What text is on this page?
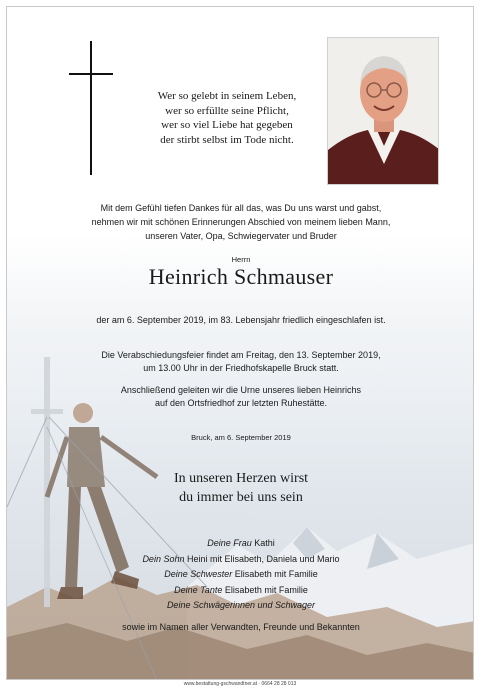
Wer so gelebt in seinem Leben,
wer so erfüllte seine Pflicht,
wer so viel Liebe hat gegeben
der stirbt selbst im Tode nicht.
Mit dem Gefühl tiefen Dankes für all das, was Du uns warst und gabst,
nehmen wir mit schönen Erinnerungen Abschied von meinem lieben Mann,
unseren Vater, Opa, Schwiegervater und Bruder
Herrn
Heinrich Schmauser
der am 6. September 2019, im 83. Lebensjahr friedlich eingeschlafen ist.
Die Verabschiedungsfeier findet am Freitag, den 13. September 2019,
um 13.00 Uhr in der Friedhofskapelle Bruck statt.
Anschließend geleiten wir die Urne unseres lieben Heinrichs
auf den Ortsfriedhof zur letzten Ruhestätte.
Bruck, am 6. September 2019
In unseren Herzen wirst
du immer bei uns sein
Deine Frau Kathi
Dein Sohn Heini mit Elisabeth, Daniela und Mario
Deine Schwester Elisabeth mit Familie
Deine Tante Elisabeth mit Familie
Deine Schwägerinnen und Schwager
sowie im Namen aller Verwandten, Freunde und Bekannten
www.bestattung-gschwandtner.at · 0664 28 28 013
